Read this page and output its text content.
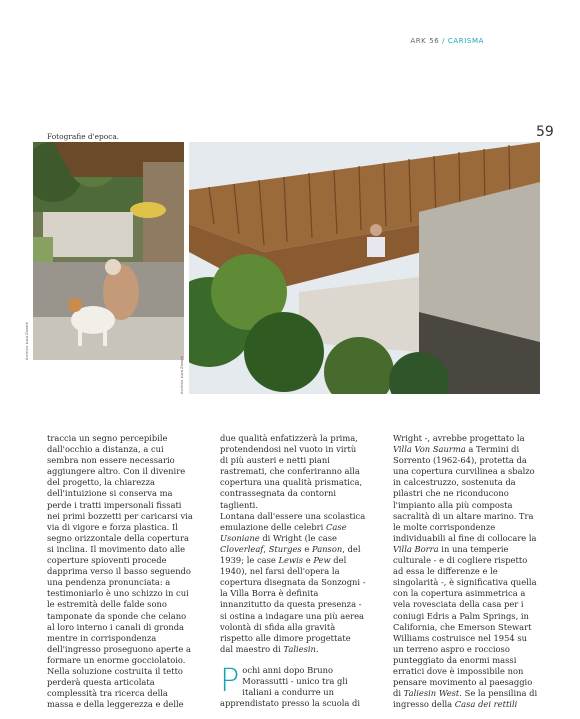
ARK 56 / CARISMA
Fotografie d'epoca.	59
Archivio Luca Zanotti
Archivio Luca Zanotti

traccia un segno percepibile dall'occhio a distanza, a cui sembra non essere necessario aggiungere altro. Con il divenire del progetto, la chiarezza dell'intuizione si conserva ma perde i tratti impersonali fissati nei primi bozzetti per caricarsi via via di vigore e forza plastica. Il segno orizzontale della copertura si inclina. Il movimento dato alle coperture spioventi procede dapprima verso il basso seguendo una pendenza pronunciata: a testimoniarlo è uno schizzo in cui le estremità delle falde sono tamponate da sponde che celano al loro interno i canali di gronda mentre in corrispondenza dell'ingresso proseguono aperte a formare un enorme gocciolatoio. Nella soluzione costruita il tetto perderà questa articolata complessità tra ricerca della massa e della leggerezza e delle

due qualità enfatizzerà la prima, protendendosi nel vuoto in virtù di più austeri e netti piani rastremati, che conferiranno alla copertura una qualità prismatica, contrassegnata da contorni taglienti.

Lontana dall'essere una scolastica emulazione delle celebri Case Usoniane di Wright (le case Cloverleaf, Sturges e Panson, del 1939; le case Lewis e Pew del 1940), nel farsi dell'opera la copertura disegnata da Sonzogni - la Villa Borra è definita innanzitutto da questa presenza - si ostina a indagare una più aerea volontà di sfida alla gravità rispetto alle dimore progettate dal maestro di Taliesin.

Pochi anni dopo Bruno Morassutti - unico tra gli italiani a condurre un apprendistato presso la scuola di

Wright -, avrebbe progettato la Villa Von Saurma a Termini di Sorrento (1962-64), protetta da una copertura curvilinea a sbalzo in calcestruzzo, sostenuta da pilastri che ne riconducono l'impianto alla più composta sacralità di un altare marino. Tra le molte corrispondenze individuabili al fine di collocare la Villa Borra in una temperie culturale - e di cogliere rispetto ad essa le differenze e le singolarità -, è significativa quella con la copertura asimmetrica a vela rovesciata della casa per i coniugi Edris a Palm Springs, in California, che Emerson Stewart Williams costruisce nel 1954 su un terreno aspro e roccioso punteggiato da enormi massi erratici dove è impossibile non pensare movimento al paesaggio di Taliesin West. Se la pensilina di ingresso della Casa dei rettili
